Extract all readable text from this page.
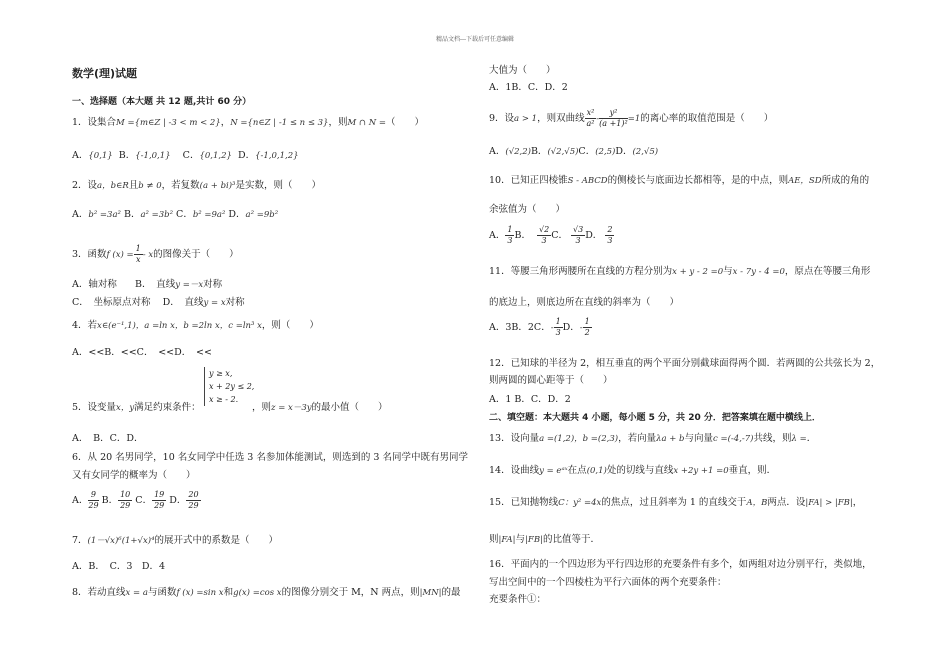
精品文档---下载后可任意编辑
数学(理)试题
一、选择题（本大题 共 12 题,共计 60 分）
1．设集合M ={m∈Z | -3 < m < 2}，N ={n∈Z | -1 ≤ n ≤ 3}，则M ∩ N =（　　）
A．{0,1} B．{-1,0,1} C．{0,1,2} D．{-1,0,1,2}
2．设a，b∈R且b ≠ 0，若复数(a + bi)³是实数，则（　　）
A．b² =3a² B．a² =3b² C．b² =9a² D．a² =9b²
3．函数f $(x) = \frac{1}{x} - x$的图像关于（　　）
A．轴对称 B．　直线y =－x对称
C．　坐标原点对称 D．　直线y = x对称
4．若x∈(e⁻¹,1)，a =ln x，b =2ln x，c =ln³ x，则（　　）
A．<<B．<<C．　<<D．　<<
y ≥ x,
x + 2y ≤ 2,
x ≥ - 2.
5．设变量x，y满足约束条件：	，则z = x－3y的最小值（　　）
A．　B．C．D．
6．从 20 名男同学，10 名女同学中任选 3 名参加体能测试，则选到的 3 名同学中既有男同学
又有女同学的概率为（　　）
A． $\frac{9}{29}$ B． $\frac{10}{29}$ C． $\frac{19}{29}$ D． $\frac{20}{29}$
7．(1－√x)⁶(1+√x)⁴的展开式中的系数是（　　）
A．B．　C．3　D．4
8．若动直线x = a与函数f (x) =sin x和g(x) =cos x的图像分别交于 M，N 两点，则|MN|的最
大值为（　　）
A．1B．C．D．2
9．设a > 1，则双曲线 $\frac{\text{x²}}{\text{a²}} - \frac{\text{y²}}{\text{(a +1)²}} =1$的离心率的取值范围是（　　）
A．(√2,2)B．(√2,√5)C．(2,5)D．(2,√5)
10．已知正四棱锥S - ABCD的侧棱长与底面边长都相等，是的中点，则AE，SD所成的角的
余弦值为（　　）
A． $\frac{1}{3}$ B． $\frac{√2}{3}$ C． $\frac{√3}{3}$ D． $\frac{2}{3}$
11．等腰三角形两腰所在直线的方程分别为x + y - 2 =0与x - 7y - 4 =0，原点在等腰三角形
的底边上，则底边所在直线的斜率为（　　）
A．3B．2C．- $\frac{1}{3}$ D．- $\frac{1}{2}$
12．已知球的半径为 2，相互垂直的两个平面分别截球面得两个圆．若两圆的公共弦长为 2，
则两圆的圆心距等于（　　）
A．1 B．C．D．2
二、填空题：本大题共 4 小题，每小题 5 分，共 20 分．把答案填在题中横线上．
13．设向量a =(1,2)，b =(2,3)，若向量λa + b与向量c =(-4,-7)共线，则λ =．
14．设曲线y = eᵃˣ在点(0,1)处的切线与直线x +2y +1 =0垂直，则．
15．已知抛物线C：y² =4x的焦点，过且斜率为 1 的直线交于A，B两点．设|FA| > |FB|，
则|FA|与|FB|的比值等于．
16．平面内的一个四边形为平行四边形的充要条件有多个，如两组对边分别平行，类似地，
写出空间中的一个四棱柱为平行六面体的两个充要条件：
充要条件①：
